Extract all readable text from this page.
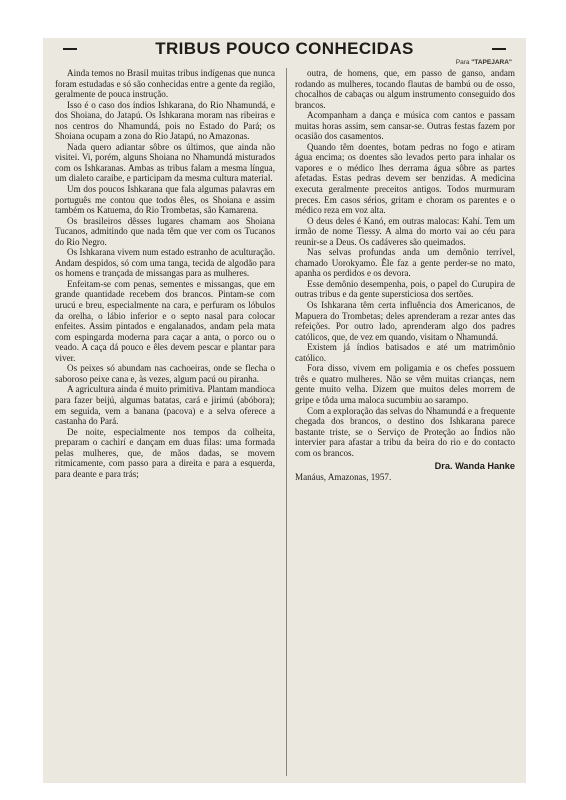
TRIBUS POUCO CONHECIDAS
Para "TAPEJARA"

Ainda temos no Brasil muitas tribus indígenas que nunca foram estudadas e só são conhecidas entre a gente da região, geralmente de pouca instrução.

Isso é o caso dos índios Ishkarana, do Rio Nhamundá, e dos Shoiana, do Jatapú. Os Ishkarana moram nas ribeiras e nos centros do Nhamundá, pois no Estado do Pará; os Shoiana ocupam a zona do Rio Jatapú, no Amazonas.

Nada quero adiantar sôbre os últimos, que ainda não visitei. Vi, porém, alguns Shoiana no Nhamundá misturados com os Ishkaranas. Ambas as tribus falam a mesma língua, um dialeto caraíbe, e participam da mesma cultura material.

Um dos poucos Ishkarana que fala algumas palavras em português me contou que todos êles, os Shoiana e assim também os Katuema, do Rio Trombetas, são Kamarena.

Os brasileiros dêsses lugares chamam aos Shoiana Tucanos, admitindo que nada têm que ver com os Tucanos do Rio Negro.

Os Ishkarana vivem num estado estranho de aculturação. Andam despidos, só com uma tanga, tecida de algodão para os homens e trançada de missangas para as mulheres.

Enfeitam-se com penas, sementes e missangas, que em grande quantidade recebem dos brancos. Pintam-se com urucú e breu, especialmente na cara, e perfuram os lóbulos da orelha, o lábio inferior e o septo nasal para colocar enfeites. Assim pintados e engalanados, andam pela mata com espingarda moderna para caçar a anta, o porco ou o veado. A caça dá pouco e êles devem pescar e plantar para viver.

Os peixes só abundam nas cachoeiras, onde se flecha o saboroso peixe cana e, às vezes, algum pacú ou piranha.

A agricultura ainda é muito primitiva. Plantam mandioca para fazer beijú, algumas batatas, cará e jirimú (abóbora); em seguida, vem a banana (pacova) e a selva oferece a castanha do Pará.

De noite, especialmente nos tempos da colheita, preparam o cachirí e dançam em duas filas: uma formada pelas mulheres, que, de mãos dadas, se movem ritmicamente, com passo para a direita e para a esquerda, para deante e para trás;

outra, de homens, que, em passo de ganso, andam rodando as mulheres, tocando flautas de bambú ou de osso, chocalhos de cabaças ou algum instrumento conseguido dos brancos.

Acompanham a dança e música com cantos e passam muitas horas assim, sem cansar-se. Outras festas fazem por ocasião dos casamentos.

Quando têm doentes, botam pedras no fogo e atiram água encima; os doentes são levados perto para inhalar os vapores e o médico lhes derrama água sôbre as partes afetadas. Estas pedras devem ser benzidas. A medicina executa geralmente preceitos antigos. Todos murmuram preces. Em casos sérios, gritam e choram os parentes e o médico reza em voz alta.

O deus deles é Kanó, em outras malocas: Kahí. Tem um irmão de nome Tiessy. A alma do morto vai ao céu para reunir-se a Deus. Os cadáveres são queimados.

Nas selvas profundas anda um demônio terrível, chamado Uorokyamo. Êle faz a gente perder-se no mato, apanha os perdidos e os devora.

Esse demônio desempenha, pois, o papel do Curupira de outras tribus e da gente supersticiosa dos sertões.

Os Ishkarana têm certa influência dos Americanos, de Mapuera do Trombetas; deles aprenderam a rezar antes das refeições. Por outro lado, aprenderam algo dos padres católicos, que, de vez em quando, visitam o Nhamundá.

Existem já índios batisados e até um matrimônio católico.

Fora disso, vivem em poligamia e os chefes possuem três e quatro mulheres. Não se vêm muitas crianças, nem gente muito velha. Dizem que muitos deles morrem de gripe e tôda uma maloca sucumbiu ao sarampo.

Com a exploração das selvas do Nhamundá e a frequente chegada dos brancos, o destino dos Ishkarana parece bastante triste, se o Serviço de Proteção ao Índios não intervier para afastar a tribu da beira do rio e do contacto com os brancos.

Dra. Wanda Hanke

Manáus, Amazonas, 1957.
